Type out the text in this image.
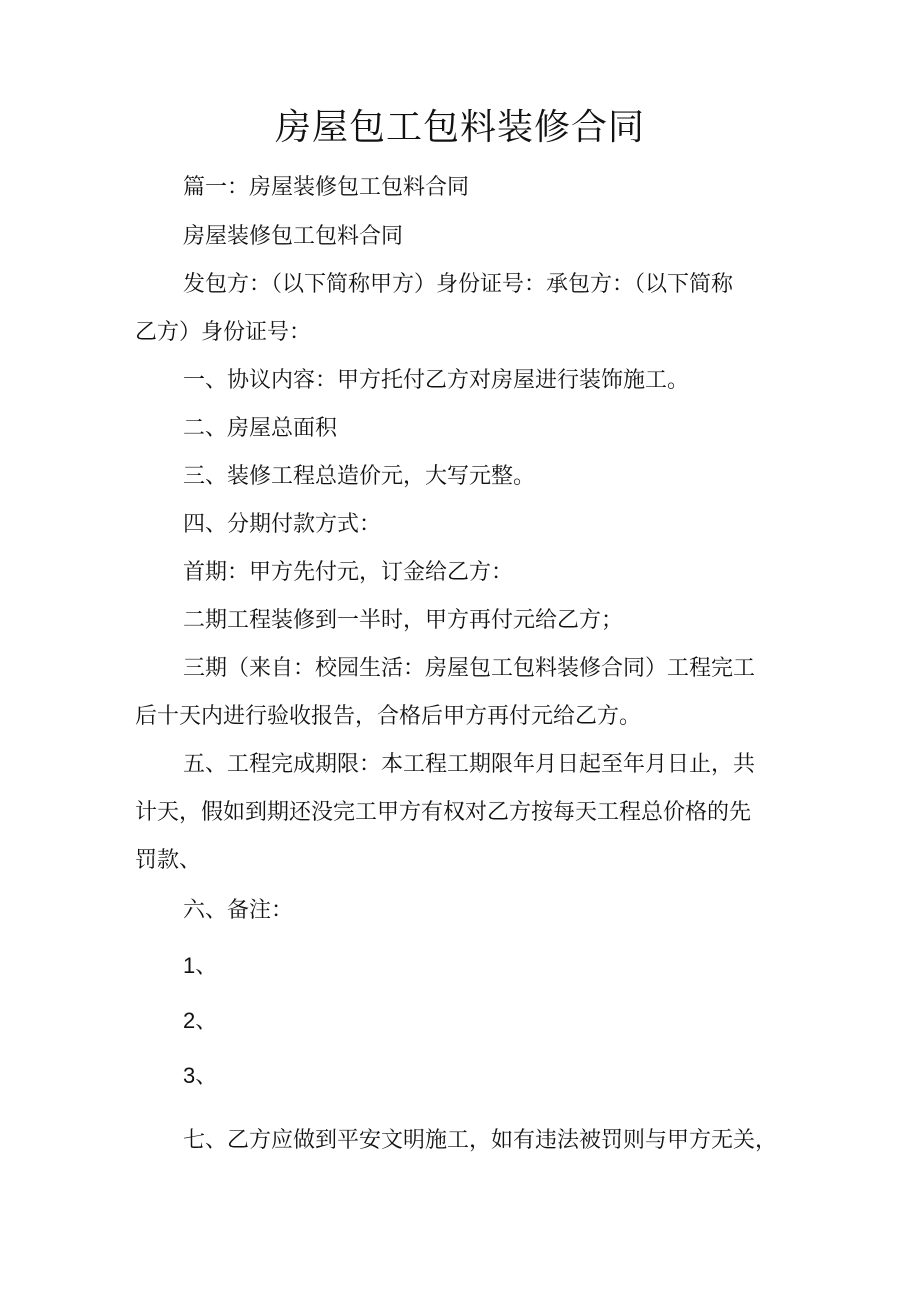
房屋包工包料装修合同

篇一：房屋装修包工包料合同

房屋装修包工包料合同

发包方：（以下简称甲方）身份证号：承包方：（以下简称

乙方）身份证号：

一、协议内容：甲方托付乙方对房屋进行装饰施工。

二、房屋总面积

三、装修工程总造价元，大写元整。

四、分期付款方式：

首期：甲方先付元，订金给乙方：

二期工程装修到一半时，甲方再付元给乙方；

三期（来自：校园生活：房屋包工包料装修合同）工程完工

后十天内进行验收报告，合格后甲方再付元给乙方。

五、工程完成期限：本工程工期限年月日起至年月日止，共

计天，假如到期还没完工甲方有权对乙方按每天工程总价格的先

罚款、

六、备注：

1、

2、

3、

七、乙方应做到平安文明施工，如有违法被罚则与甲方无关，
